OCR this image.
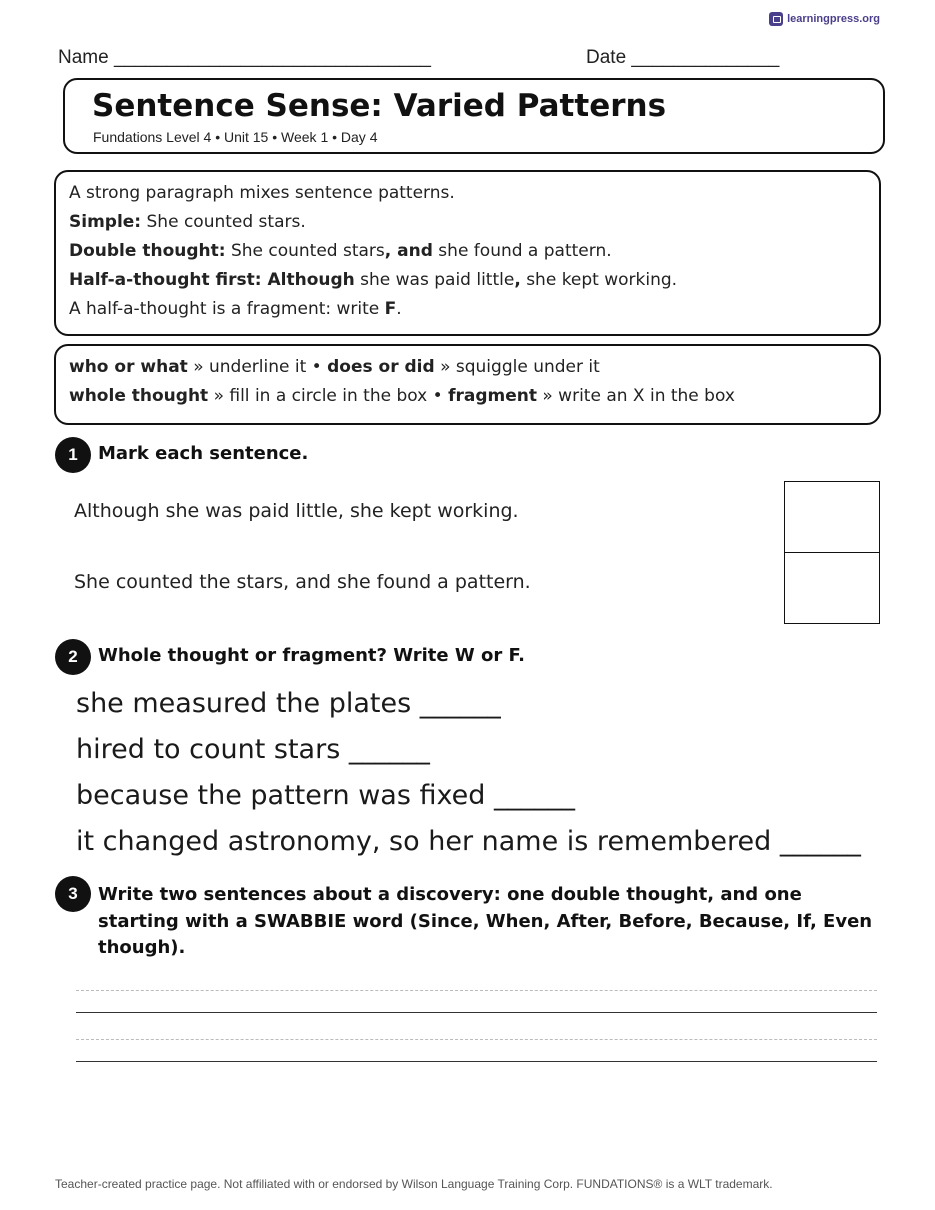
learningpress.org
Name ______________________________	Date ______________
Sentence Sense: Varied Patterns
Fundations Level 4 • Unit 15 • Week 1 • Day 4
A strong paragraph mixes sentence patterns.
Simple: She counted stars.
Double thought: She counted stars, and she found a pattern.
Half-a-thought first: Although she was paid little, she kept working.
A half-a-thought is a fragment: write F.
who or what » underline it • does or did » squiggle under it
whole thought » fill in a circle in the box • fragment » write an X in the box
1	Mark each sentence.
Although she was paid little, she kept working.
She counted the stars, and she found a pattern.
2	Whole thought or fragment? Write W or F.
she measured the plates ______
hired to count stars ______
because the pattern was fixed ______
it changed astronomy, so her name is remembered ______
3	Write two sentences about a discovery: one double thought, and one starting with a SWABBIE word (Since, When, After, Before, Because, If, Even though).
Teacher-created practice page. Not affiliated with or endorsed by Wilson Language Training Corp. FUNDATIONS® is a WLT trademark.
